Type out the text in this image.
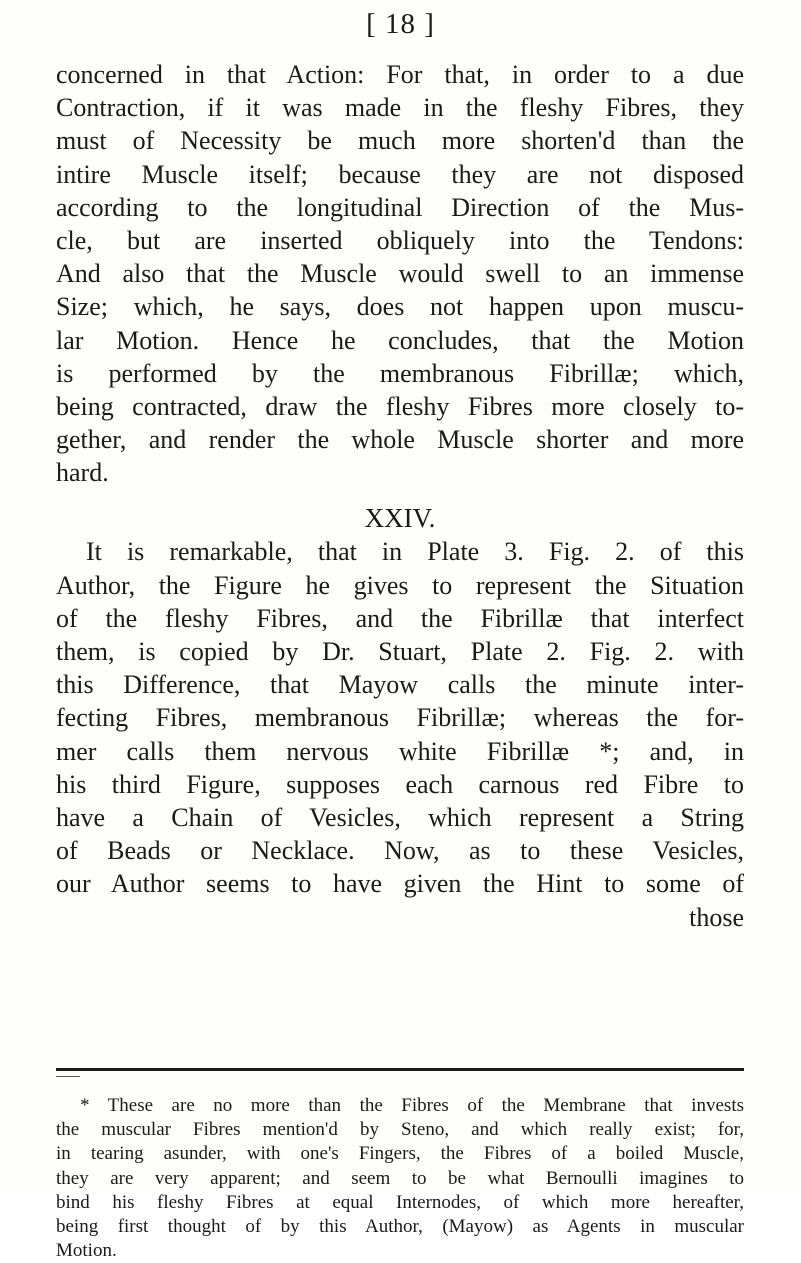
[ 18 ]
concerned in that Action: For that, in order to a due
Contraction, if it was made in the fleshy Fibres, they
must of Necessity be much more shorten'd than the
intire Muscle itself; because they are not disposed
according to the longitudinal Direction of the Mus-
cle, but are inserted obliquely into the Tendons:
And also that the Muscle would swell to an immense
Size; which, he says, does not happen upon muscu-
lar Motion. Hence he concludes, that the Motion
is performed by the membranous Fibrillæ; which,
being contracted, draw the fleshy Fibres more closely to-
gether, and render the whole Muscle shorter and more
hard.
XXIV.
It is remarkable, that in Plate 3. Fig. 2. of this
Author, the Figure he gives to represent the Situation
of the fleshy Fibres, and the Fibrillæ that interfect
them, is copied by Dr. Stuart, Plate 2. Fig. 2. with
this Difference, that Mayow calls the minute inter-
fecting Fibres, membranous Fibrillæ; whereas the for-
mer calls them nervous white Fibrillæ *; and, in
his third Figure, supposes each carnous red Fibre to
have a Chain of Vesicles, which represent a String
of Beads or Necklace. Now, as to these Vesicles,
our Author seems to have given the Hint to some of
those
* These are no more than the Fibres of the Membrane that invests
the muscular Fibres mention'd by Steno, and which really exist; for,
in tearing asunder, with one's Fingers, the Fibres of a boiled Muscle,
they are very apparent; and seem to be what Bernoulli imagines to
bind his fleshy Fibres at equal Internodes, of which more hereafter,
being first thought of by this Author, (Mayow) as Agents in muscular
Motion.
